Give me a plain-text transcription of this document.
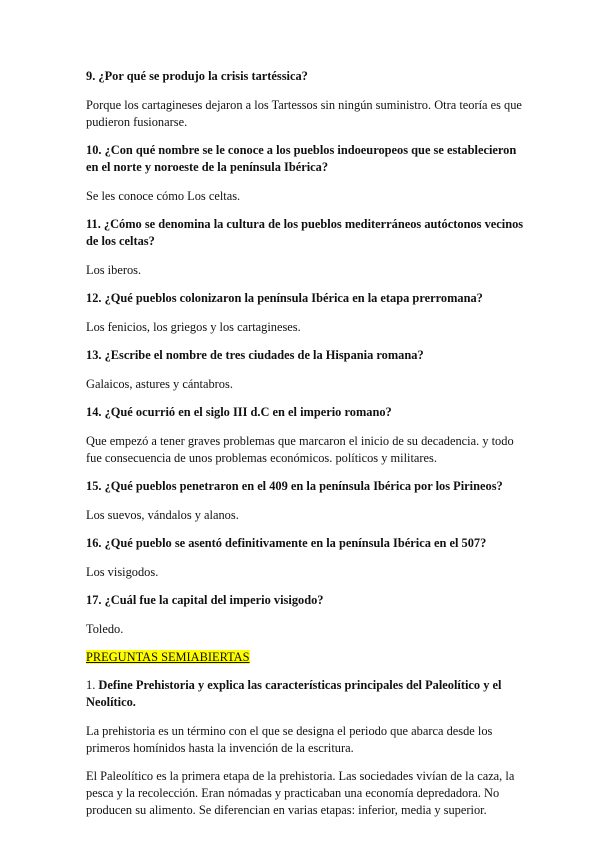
9. ¿Por qué se produjo la crisis tartéssica?

Porque los cartagineses dejaron a los Tartessos sin ningún suministro. Otra teoría es que pudieron fusionarse.

10. ¿Con qué nombre se le conoce a los pueblos indoeuropeos que se establecieron en el norte y noroeste de la península Ibérica?

Se les conoce cómo Los celtas.

11. ¿Cómo se denomina la cultura de los pueblos mediterráneos autóctonos vecinos de los celtas?

Los iberos.

12. ¿Qué pueblos colonizaron la península Ibérica en la etapa prerromana?

Los fenicios, los griegos y los cartagineses.

13. ¿Escribe el nombre de tres ciudades de la Hispania romana?

Galaicos, astures y cántabros.

14. ¿Qué ocurrió en el siglo III d.C en el imperio romano?

Que empezó a tener graves problemas que marcaron el inicio de su decadencia. y todo fue consecuencia de unos problemas económicos. políticos y militares.

15. ¿Qué pueblos penetraron en el 409 en la península Ibérica por los Pirineos?

Los suevos, vándalos y alanos.

16. ¿Qué pueblo se asentó definitivamente en la península Ibérica en el 507?

Los visigodos.

17. ¿Cuál fue la capital del imperio visigodo?

Toledo.

PREGUNTAS SEMIABIERTAS

1. Define Prehistoria y explica las características principales del Paleolítico y el Neolítico.

La prehistoria es un término con el que se designa el periodo que abarca desde los primeros homínidos hasta la invención de la escritura.

El Paleolítico es la primera etapa de la prehistoria. Las sociedades vivían de la caza, la pesca y la recolección. Eran nómadas y practicaban una economía depredadora. No producen su alimento. Se diferencian en varias etapas: inferior, media y superior.
